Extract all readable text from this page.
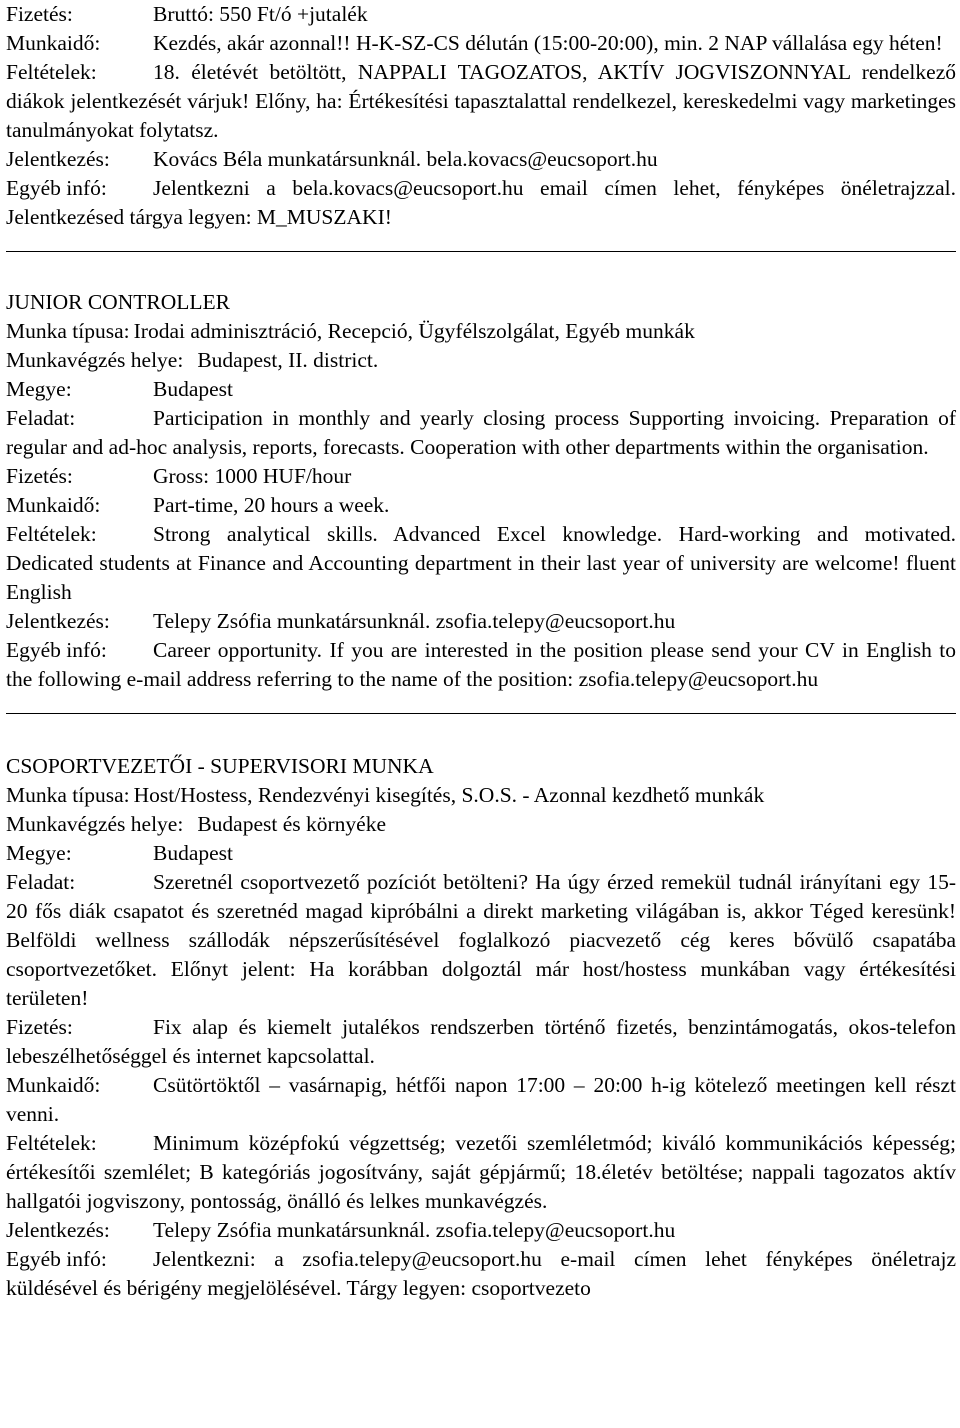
Fizetés:	Bruttó: 550 Ft/ó +jutalék

Munkaidő: Kezdés, akár azonnal!! H-K-SZ-CS délután (15:00-20:00), min. 2 NAP vállalása egy héten!

Feltételek:	18. életévét betöltött, NAPPALI TAGOZATOS, AKTÍV JOGVISZONNYAL rendelkező diákok jelentkezését várjuk! Előny, ha: Értékesítési tapasztalattal rendelkezel, kereskedelmi vagy marketinges tanulmányokat folytatsz.

Jelentkezés: Kovács Béla munkatársunknál. bela.kovacs@eucsoport.hu

Egyéb infó: Jelentkezni a bela.kovacs@eucsoport.hu email címen lehet, fényképes önéletrajzzal. Jelentkezésed tárgya legyen: M_MUSZAKI!

JUNIOR CONTROLLER

Munka típusa: Irodai adminisztráció, Recepció, Ügyfélszolgálat, Egyéb munkák

Munkavégzés helye: Budapest, II. district.

Megye:	Budapest

Feladat:	Participation in monthly and yearly closing process Supporting invoicing. Preparation of regular and ad-hoc analysis, reports, forecasts. Cooperation with other departments within the organisation.

Fizetés:	Gross: 1000 HUF/hour

Munkaidő: Part-time, 20 hours a week.

Feltételek:	Strong analytical skills. Advanced Excel knowledge. Hard-working and motivated. Dedicated students at Finance and Accounting department in their last year of university are welcome! fluent English

Jelentkezés: Telepy Zsófia munkatársunknál. zsofia.telepy@eucsoport.hu

Egyéb infó: Career opportunity. If you are interested in the position please send your CV in English to the following e-mail address referring to the name of the position: zsofia.telepy@eucsoport.hu

CSOPORTVEZETŐI - SUPERVISORI MUNKA

Munka típusa: Host/Hostess, Rendezvényi kisegítés, S.O.S. - Azonnal kezdhető munkák

Munkavégzés helye: Budapest és környéke

Megye:	Budapest

Feladat:	Szeretnél csoportvezető pozíciót betölteni? Ha úgy érzed remekül tudnál irányítani egy 15-20 fős diák csapatot és szeretnéd magad kipróbálni a direkt marketing világában is, akkor Téged keresünk! Belföldi wellness szállodák népszerűsítésével foglalkozó piacvezető cég keres bővülő csapatába csoportvezetőket. Előnyt jelent: Ha korábban dolgoztál már host/hostess munkában vagy értékesítési területen!

Fizetés:	Fix alap és kiemelt jutalékos rendszerben történő fizetés, benzintámogatás, okos-telefon lebeszélhetőséggel és internet kapcsolattal.

Munkaidő: Csütörtöktől – vasárnapig, hétfői napon 17:00 – 20:00 h-ig kötelező meetingen kell részt venni.

Feltételek:	Minimum középfokú végzettség; vezetői szemléletmód; kiváló kommunikációs képesség; értékesítői szemlélet; B kategóriás jogosítvány, saját gépjármű; 18.életév betöltése; nappali tagozatos aktív hallgatói jogviszony, pontosság, önálló és lelkes munkavégzés.

Jelentkezés: Telepy Zsófia munkatársunknál. zsofia.telepy@eucsoport.hu

Egyéb infó: Jelentkezni: a zsofia.telepy@eucsoport.hu e-mail címen lehet fényképes önéletrajz küldésével és bérigény megjelölésével. Tárgy legyen: csoportvezeto
